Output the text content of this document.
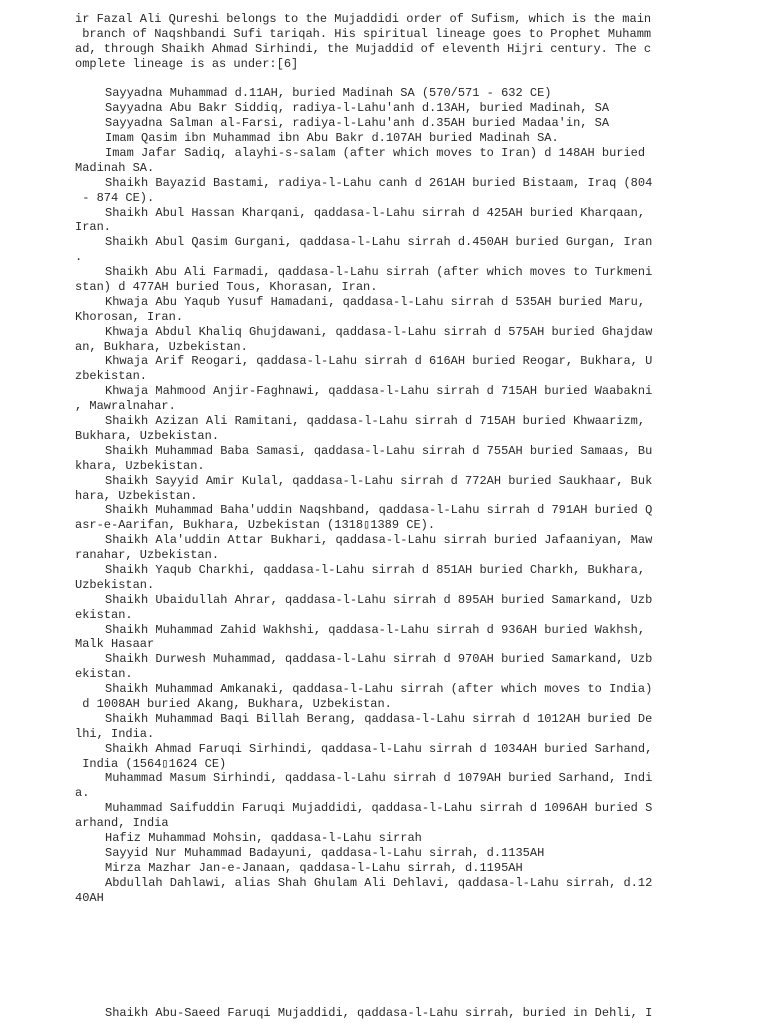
ir Fazal Ali Qureshi belongs to the Mujaddidi order of Sufism, which is the main
branch of Naqshbandi Sufi tariqah. His spiritual lineage goes to Prophet Muhamm
ad, through Shaikh Ahmad Sirhindi, the Mujaddid of eleventh Hijri century. The c
omplete lineage is as under:[6]
Sayyadna Muhammad d.11AH, buried Madinah SA (570/571 - 632 CE)
Sayyadna Abu Bakr Siddiq, radiya-l-Lahu'anh d.13AH, buried Madinah, SA
Sayyadna Salman al-Farsi, radiya-l-Lahu'anh d.35AH buried Madaa'in, SA
Imam Qasim ibn Muhammad ibn Abu Bakr d.107AH buried Madinah SA.
Imam Jafar Sadiq, alayhi-s-salam (after which moves to Iran) d 148AH buried
Madinah SA.
Shaikh Bayazid Bastami, radiya-l-Lahu canh d 261AH buried Bistaam, Iraq (804
- 874 CE).
Shaikh Abul Hassan Kharqani, qaddasa-l-Lahu sirrah d 425AH buried Kharqaan,
Iran.
Shaikh Abul Qasim Gurgani, qaddasa-l-Lahu sirrah d.450AH buried Gurgan, Iran
.
Shaikh Abu Ali Farmadi, qaddasa-l-Lahu sirrah (after which moves to Turkmeni
stan) d 477AH buried Tous, Khorasan, Iran.
Khwaja Abu Yaqub Yusuf Hamadani, qaddasa-l-Lahu sirrah d 535AH buried Maru,
Khorosan, Iran.
Khwaja Abdul Khaliq Ghujdawani, qaddasa-l-Lahu sirrah d 575AH buried Ghajdaw
an, Bukhara, Uzbekistan.
Khwaja Arif Reogari, qaddasa-l-Lahu sirrah d 616AH buried Reogar, Bukhara, U
zbekistan.
Khwaja Mahmood Anjir-Faghnawi, qaddasa-l-Lahu sirrah d 715AH buried Waabakni
, Mawralnahar.
Shaikh Azizan Ali Ramitani, qaddasa-l-Lahu sirrah d 715AH buried Khwaarizm,
Bukhara, Uzbekistan.
Shaikh Muhammad Baba Samasi, qaddasa-l-Lahu sirrah d 755AH buried Samaas, Bu
khara, Uzbekistan.
Shaikh Sayyid Amir Kulal, qaddasa-l-Lahu sirrah d 772AH buried Saukhaar, Buk
hara, Uzbekistan.
Shaikh Muhammad Baha'uddin Naqshband, qaddasa-l-Lahu sirrah d 791AH buried Q
asr-e-Aarifan, Bukhara, Uzbekistan (1318▯1389 CE).
Shaikh Ala'uddin Attar Bukhari, qaddasa-l-Lahu sirrah buried Jafaaniyan, Maw
ranahar, Uzbekistan.
Shaikh Yaqub Charkhi, qaddasa-l-Lahu sirrah d 851AH buried Charkh, Bukhara,
Uzbekistan.
Shaikh Ubaidullah Ahrar, qaddasa-l-Lahu sirrah d 895AH buried Samarkand, Uzb
ekistan.
Shaikh Muhammad Zahid Wakhshi, qaddasa-l-Lahu sirrah d 936AH buried Wakhsh,
Malk Hasaar
Shaikh Durwesh Muhammad, qaddasa-l-Lahu sirrah d 970AH buried Samarkand, Uzb
ekistan.
Shaikh Muhammad Amkanaki, qaddasa-l-Lahu sirrah (after which moves to India)
d 1008AH buried Akang, Bukhara, Uzbekistan.
Shaikh Muhammad Baqi Billah Berang, qaddasa-l-Lahu sirrah d 1012AH buried De
lhi, India.
Shaikh Ahmad Faruqi Sirhindi, qaddasa-l-Lahu sirrah d 1034AH buried Sarhand,
India (1564▯1624 CE)
Muhammad Masum Sirhindi, qaddasa-l-Lahu sirrah d 1079AH buried Sarhand, Indi
a.
Muhammad Saifuddin Faruqi Mujaddidi, qaddasa-l-Lahu sirrah d 1096AH buried S
arhand, India
Hafiz Muhammad Mohsin, qaddasa-l-Lahu sirrah
Sayyid Nur Muhammad Badayuni, qaddasa-l-Lahu sirrah, d.1135AH
Mirza Mazhar Jan-e-Janaan, qaddasa-l-Lahu sirrah, d.1195AH
Abdullah Dahlawi, alias Shah Ghulam Ali Dehlavi, qaddasa-l-Lahu sirrah, d.12
40AH
Shaikh Abu-Saeed Faruqi Mujaddidi, qaddasa-l-Lahu sirrah, buried in Dehli, I
